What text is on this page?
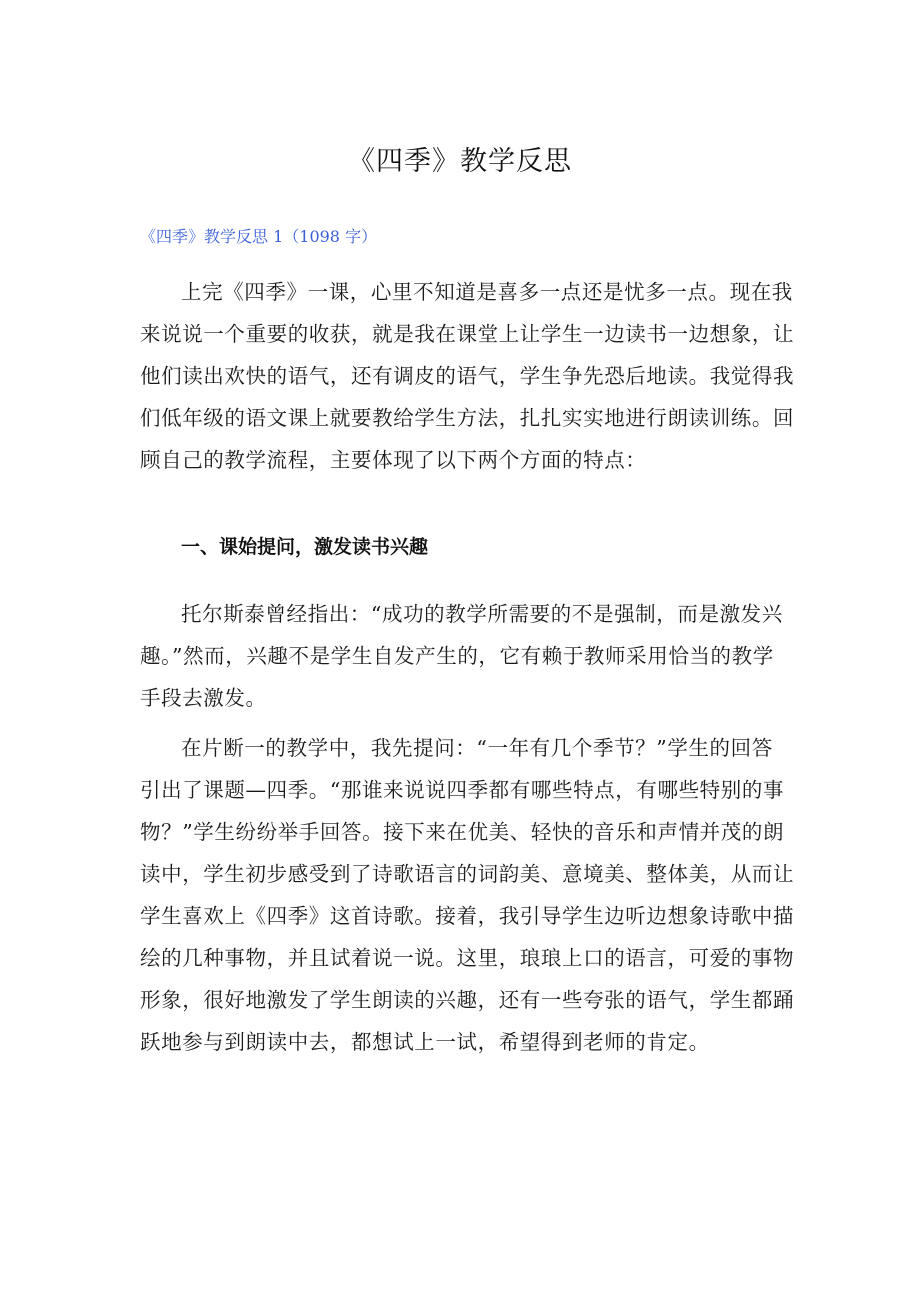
《四季》教学反思

《四季》教学反思 1（1098 字）

上完《四季》一课，心里不知道是喜多一点还是忧多一点。现在我
来说说一个重要的收获，就是我在课堂上让学生一边读书一边想象，让
他们读出欢快的语气，还有调皮的语气，学生争先恐后地读。我觉得我
们低年级的语文课上就要教给学生方法，扎扎实实地进行朗读训练。回
顾自己的教学流程，主要体现了以下两个方面的特点：
一、课始提问，激发读书兴趣
托尔斯泰曾经指出：“成功的教学所需要的不是强制，而是激发兴
趣。”然而，兴趣不是学生自发产生的，它有赖于教师采用恰当的教学
手段去激发。
在片断一的教学中，我先提问：“一年有几个季节？”学生的回答
引出了课题—四季。“那谁来说说四季都有哪些特点，有哪些特别的事
物？”学生纷纷举手回答。接下来在优美、轻快的音乐和声情并茂的朗
读中，学生初步感受到了诗歌语言的词韵美、意境美、整体美，从而让
学生喜欢上《四季》这首诗歌。接着，我引导学生边听边想象诗歌中描
绘的几种事物，并且试着说一说。这里，琅琅上口的语言，可爱的事物
形象，很好地激发了学生朗读的兴趣，还有一些夸张的语气，学生都踊
跃地参与到朗读中去，都想试上一试，希望得到老师的肯定。
